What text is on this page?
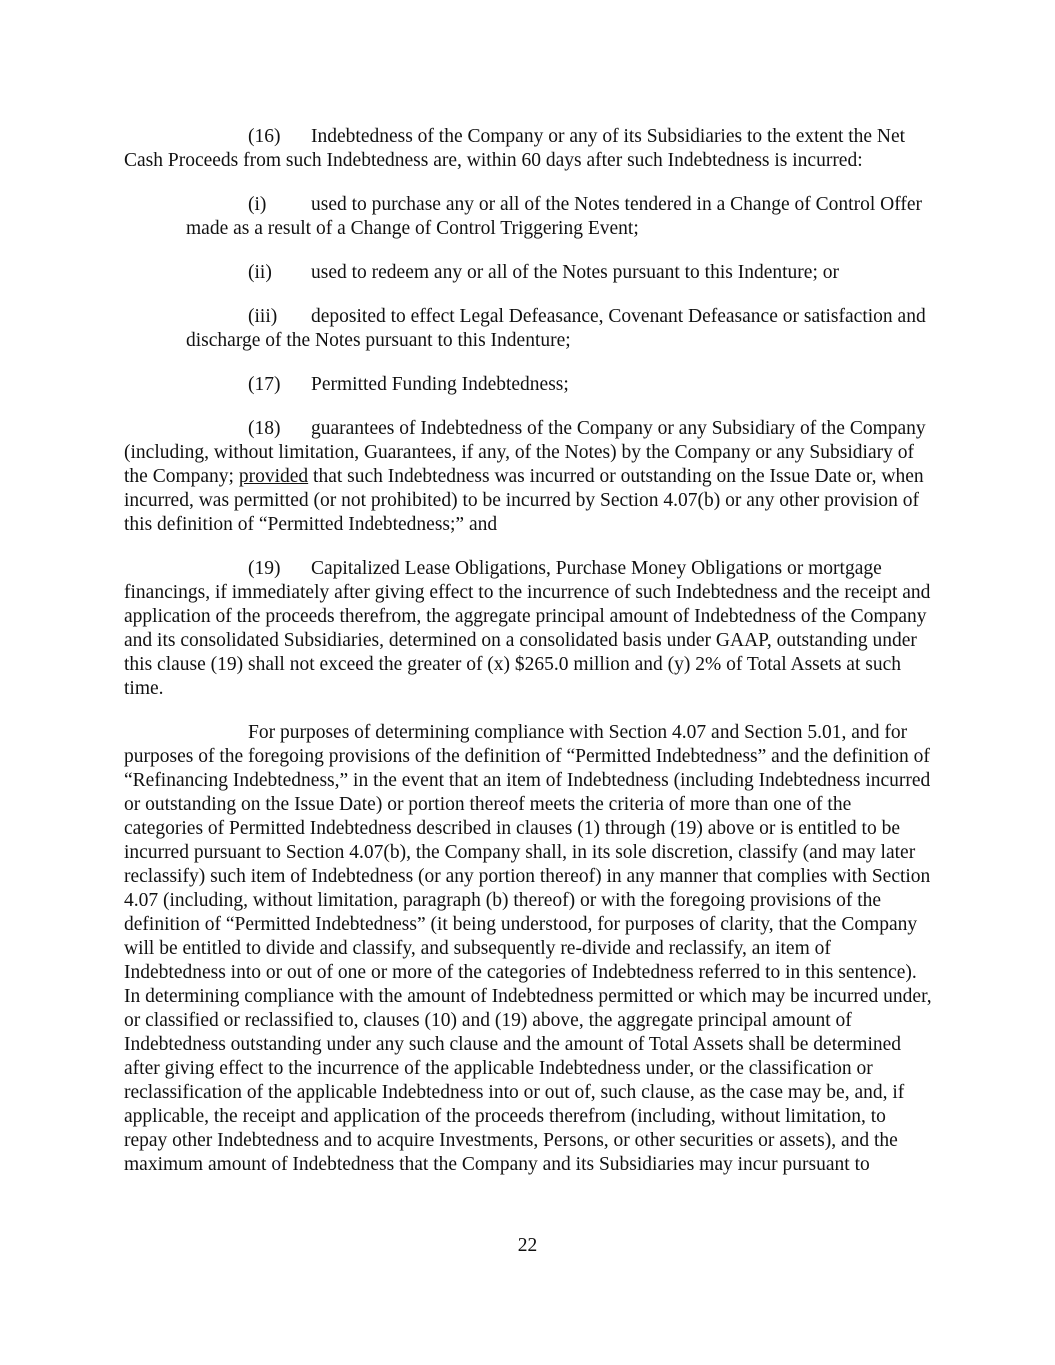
(16) Indebtedness of the Company or any of its Subsidiaries to the extent the Net Cash Proceeds from such Indebtedness are, within 60 days after such Indebtedness is incurred:

(i) used to purchase any or all of the Notes tendered in a Change of Control Offer made as a result of a Change of Control Triggering Event;

(ii) used to redeem any or all of the Notes pursuant to this Indenture; or

(iii) deposited to effect Legal Defeasance, Covenant Defeasance or satisfaction and discharge of the Notes pursuant to this Indenture;

(17) Permitted Funding Indebtedness;

(18) guarantees of Indebtedness of the Company or any Subsidiary of the Company (including, without limitation, Guarantees, if any, of the Notes) by the Company or any Subsidiary of the Company; provided that such Indebtedness was incurred or outstanding on the Issue Date or, when incurred, was permitted (or not prohibited) to be incurred by Section 4.07(b) or any other provision of this definition of “Permitted Indebtedness;” and

(19) Capitalized Lease Obligations, Purchase Money Obligations or mortgage financings, if immediately after giving effect to the incurrence of such Indebtedness and the receipt and application of the proceeds therefrom, the aggregate principal amount of Indebtedness of the Company and its consolidated Subsidiaries, determined on a consolidated basis under GAAP, outstanding under this clause (19) shall not exceed the greater of (x) $265.0 million and (y) 2% of Total Assets at such time.

For purposes of determining compliance with Section 4.07 and Section 5.01, and for purposes of the foregoing provisions of the definition of “Permitted Indebtedness” and the definition of “Refinancing Indebtedness,” in the event that an item of Indebtedness (including Indebtedness incurred or outstanding on the Issue Date) or portion thereof meets the criteria of more than one of the categories of Permitted Indebtedness described in clauses (1) through (19) above or is entitled to be incurred pursuant to Section 4.07(b), the Company shall, in its sole discretion, classify (and may later reclassify) such item of Indebtedness (or any portion thereof) in any manner that complies with Section 4.07 (including, without limitation, paragraph (b) thereof) or with the foregoing provisions of the definition of “Permitted Indebtedness” (it being understood, for purposes of clarity, that the Company will be entitled to divide and classify, and subsequently re-divide and reclassify, an item of Indebtedness into or out of one or more of the categories of Indebtedness referred to in this sentence). In determining compliance with the amount of Indebtedness permitted or which may be incurred under, or classified or reclassified to, clauses (10) and (19) above, the aggregate principal amount of Indebtedness outstanding under any such clause and the amount of Total Assets shall be determined after giving effect to the incurrence of the applicable Indebtedness under, or the classification or reclassification of the applicable Indebtedness into or out of, such clause, as the case may be, and, if applicable, the receipt and application of the proceeds therefrom (including, without limitation, to repay other Indebtedness and to acquire Investments, Persons, or other securities or assets), and the maximum amount of Indebtedness that the Company and its Subsidiaries may incur pursuant to

22
